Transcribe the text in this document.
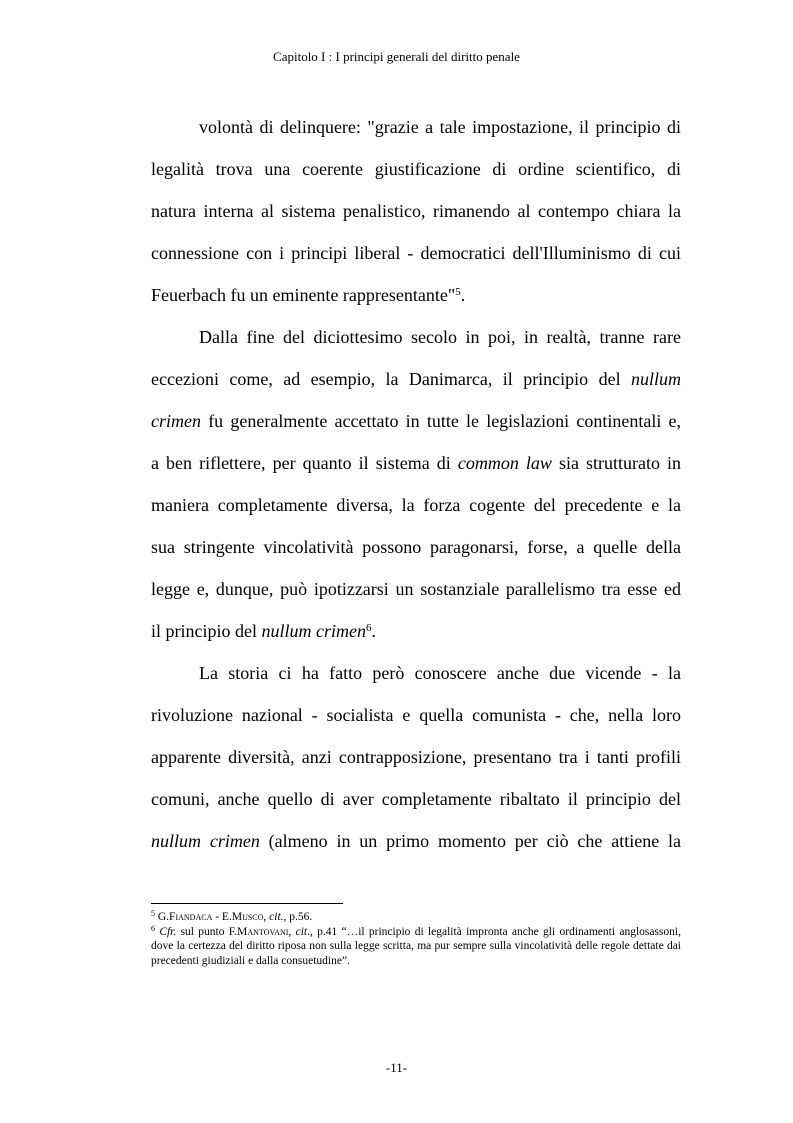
Capitolo I : I principi generali del diritto penale
volontà di delinquere: "grazie a tale impostazione, il principio di
legalità trova una coerente giustificazione di ordine scientifico, di
natura interna al sistema penalistico, rimanendo al contempo chiara la
connessione con i principi liberal - democratici dell'Illuminismo di cui
Feuerbach fu un eminente rappresentante"$^5$.
Dalla fine del diciottesimo secolo in poi, in realtà, tranne rare
eccezioni come, ad esempio, la Danimarca, il principio del nullum
crimen fu generalmente accettato in tutte le legislazioni continentali e,
a ben riflettere, per quanto il sistema di common law sia strutturato in
maniera completamente diversa, la forza cogente del precedente e la
sua stringente vincolatività possono paragonarsi, forse, a quelle della
legge e, dunque, può ipotizzarsi un sostanziale parallelismo tra esse ed
il principio del nullum crimen$^6$.
La storia ci ha fatto però conoscere anche due vicende - la
rivoluzione nazional - socialista e quella comunista - che, nella loro
apparente diversità, anzi contrapposizione, presentano tra i tanti profili
comuni, anche quello di aver completamente ribaltato il principio del
nullum crimen (almeno in un primo momento per ciò che attiene la

$^5$ G.Fiandaca - E.Musco, cit., p.56.

$^6$ Cfr. sul punto F.Mantovani, cit., p.41 “…il principio di legalità impronta anche gli ordinamenti anglosassoni, dove la certezza del diritto riposa non sulla legge scritta, ma pur sempre sulla vincolatività delle regole dettate dai precedenti giudiziali e dalla consuetudine”.

-11-
